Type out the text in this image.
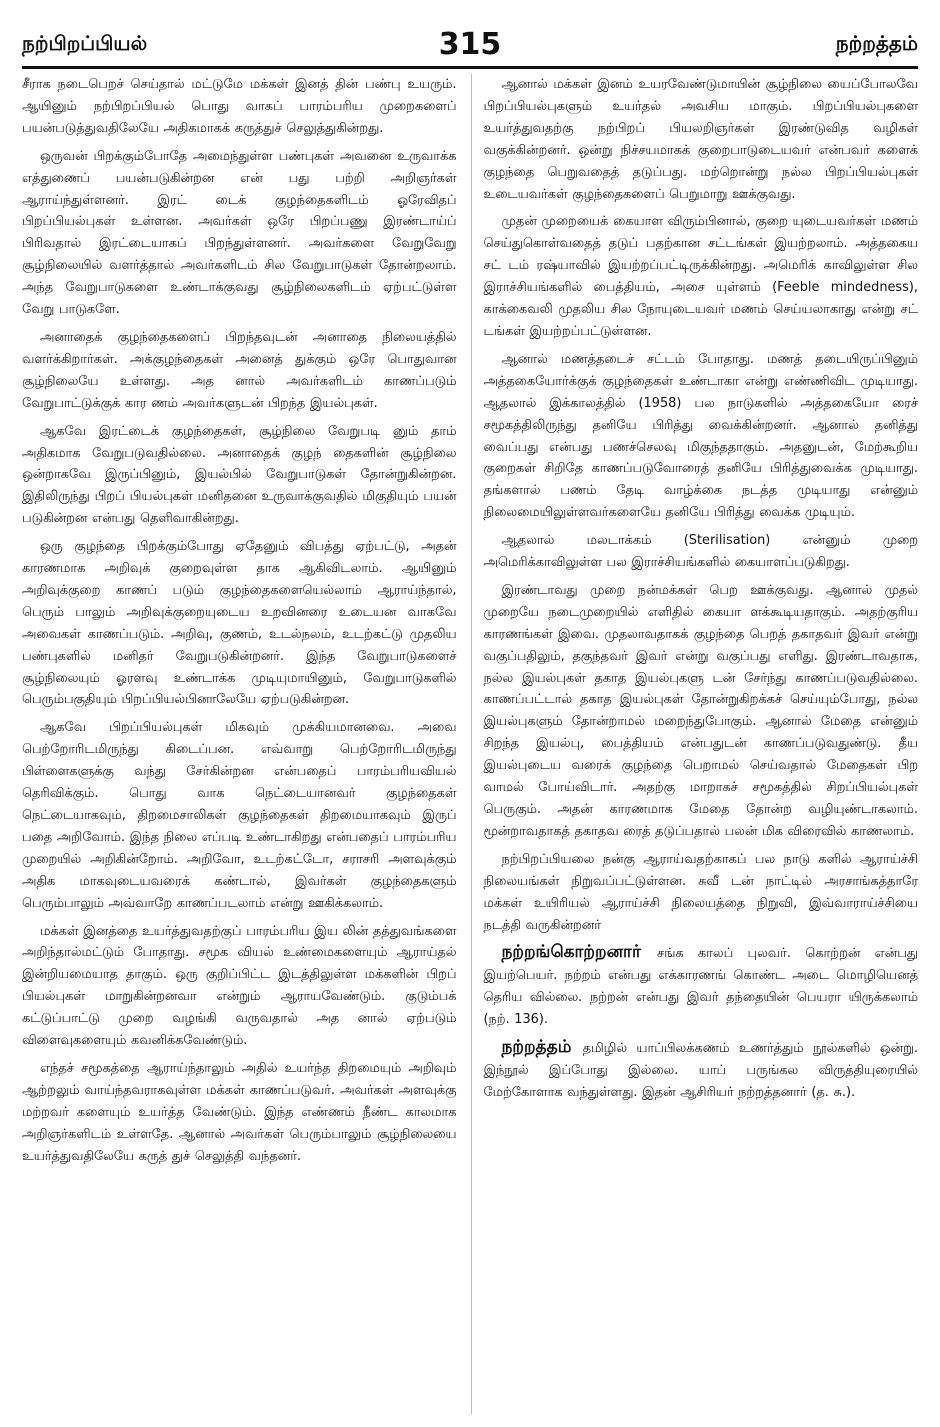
நற்பிறப்பியல்	315	நற்றத்தம்

சீராக நடைபெறச் செய்தால் மட்டுமே மக்கள் இனத் தின் பண்பு உயரும். ஆயினும் நற்பிறப்பியல் பொது வாகப் பாரம்பரிய முறைகளைப் பயன்படுத்துவதிலேயே அதிகமாகக் கருத்துச் செலுத்துகின்றது.

ஒருவன் பிறக்கும்போதே அமைந்துள்ள பண்புகள் அவனை உருவாக்க எத்துணைப் பயன்படுகின்றன என் பது பற்றி அறிஞர்கள் ஆராய்ந்துள்ளனர். இரட் டைக் குழந்தைகளிடம் ஓரேவிதப் பிறப்பியல்புகள் உள்ளன. அவர்கள் ஒரே பிறப்பணு இரண்டாய்ப் பிரிவதால் இரட்டையாகப் பிறந்துள்ளனர். அவர்களை வேறுவேறு சூழ்நிலையில் வளர்த்தால் அவர்களிடம் சில வேறுபாடுகள் தோன்றலாம். அந்த வேறுபாடுகளை உண்டாக்குவது சூழ்நிலைகளிடம் ஏற்பட்டுள்ள வேறு பாடுகளே.

அனாதைக் குழந்தைகளைப் பிறந்தவுடன் அனாதை நிலையத்தில் வளர்க்கிறார்கள். அக்குழந்தைகள் அனைத் துக்கும் ஒரே பொதுவான சூழ்நிலையே உள்ளது. அத னால் அவர்களிடம் காணப்படும் வேறுபாட்டுக்குக் கார ணம் அவர்களுடன் பிறந்த இயல்புகள்.

ஆகவே இரட்டைக் குழந்தைகள், சூழ்நிலை வேறுபடி னும் தாம் அதிகமாக வேறுபடுவதில்லை. அனாதைக் குழந் தைகளின் சூழ்நிலை ஒன்றாகவே இருப்பினும், இயல்பில் வேறுபாடுகள் தோன்றுகின்றன. இதிலிருந்து பிறப் பியல்புகள் மனிதனை உருவாக்குவதில் மிகுதியும் பயன் படுகின்றன என்பது தெளிவாகின்றது.

ஒரு குழந்தை பிறக்கும்போது ஏதேனும் விபத்து ஏற்பட்டு, அதன் காரணமாக அறிவுக் குறைவுள்ள தாக ஆகிவிடலாம். ஆயினும் அறிவுக்குறை காணப் படும் குழந்தைகளையெல்லாம் ஆராய்ந்தால், பெரும் பாலும் அறிவுக்குறையுடைய உறவினரை உடையன வாகவே அவைகள் காணப்படும். அறிவு, குணம், உடல்நலம், உடற்கட்டு முதலிய பண்புகளில் மனிதர் வேறுபடுகின்றனர். இந்த வேறுபாடுகளைச் சூழ்நிலையும் ஓரளவு உண்டாக்க முடியுமாயினும், வேறுபாடுகளில் பெரும்பகுதியும் பிறப்பியல்பினாலேயே ஏற்படுகின்றன.

ஆகவே பிறப்பியல்புகள் மிகவும் முக்கியமானவை. அவை பெற்றோரிடமிருந்து கிடைப்பன. எவ்வாறு பெற்றோரிடமிருந்து பிள்ளைகளுக்கு வந்து சேர்கின்றன என்பதைப் பாரம்பரியவியல் தெரிவிக்கும். பொது வாக நெட்டையானவர் குழந்தைகள் நெட்டையாகவும், திறமைசாலிகள் குழந்தைகள் திறமையாகவும் இருப் பதை அறிவோம். இந்த நிலை எப்படி உண்டாகிறது என்பதைப் பாரம்பரிய முறையில் அறிகின்றோம். அறிவோ, உடற்கட்டோ, சராசரி அளவுக்கும் அதிக மாகவுடையவரைக் கண்டால், இவர்கள் குழந்தைகளும் பெரும்பாலும் அவ்வாறே காணப்படலாம் என்று ஊகிக்கலாம்.

மக்கள் இனத்தை உயர்த்துவதற்குப் பாரம்பரிய இய லின் தத்துவங்களை அறிந்தால்மட்டும் போதாது. சமூக வியல் உண்மைகளையும் ஆராய்தல் இன்றியமையாத தாகும். ஒரு குறிப்பிட்ட இடத்திலுள்ள மக்களின் பிறப் பியல்புகள் மாறுகின்றனவா என்றும் ஆராயவேண்டும். குடும்பக் கட்டுப்பாட்டு முறை வழங்கி வருவதால் அத னால் ஏற்படும் விளைவுகளையும் கவனிக்கவேண்டும்.

எந்தச் சமூகத்தை ஆராய்ந்தாலும் அதில் உயர்ந்த திறமையும் அறிவும் ஆற்றலும் வாய்ந்தவராகவுள்ள மக்கள் காணப்படுவர். அவர்கள் அளவுக்கு மற்றவர் களையும் உயர்த்த வேண்டும். இந்த எண்ணம் நீண்ட காலமாக அறிஞர்களிடம் உள்ளதே. ஆனால் அவர்கள் பெரும்பாலும் சூழ்நிலையை உயர்த்துவதிலேயே கருத் துச் செலுத்தி வந்தனர்.

ஆனால் மக்கள் இனம் உயரவேண்டுமாயின் சூழ்நிலை யைப்போலவே பிறப்பியல்புகளும் உயர்தல் அவசிய மாகும். பிறப்பியல்புகளை உயர்த்துவதற்கு நற்பிறப் பியலறிஞர்கள் இரண்டுவித வழிகள் வகுக்கின்றனர். ஒன்று நிச்சயமாகக் குறைபாடுடையவர் என்பவர் களைக் குழந்தை பெறுவதைத் தடுப்பது. மற்றொன்று நல்ல பிறப்பியல்புகள் உடையவர்கள் குழந்தைகளைப் பெறுமாறு ஊக்குவது.

முதன் முறையைக் கையாள விரும்பினால், குறை யுடையவர்கள் மணம் செய்துகொள்வதைத் தடுப் பதற்கான சட்டங்கள் இயற்றலாம். அத்தகைய சட் டம் ரஷ்யாவில் இயற்றப்பட்டிருக்கின்றது. அமெரிக் காவிலுள்ள சில இராச்சியங்களில் பைத்தியம், அசை யுள்ளம் (Feeble mindedness), காக்கைவலி முதலிய சில நோயுடையவர் மணம் செய்யலாகாது என்று சட் டங்கள் இயற்றப்பட்டுள்ளன.

ஆனால் மணத்தடைச் சட்டம் போதாது. மணத் தடையிருப்பினும் அத்தகையோர்க்குக் குழந்தைகள் உண்டாகா என்று எண்ணிவிட முடியாது. ஆதலால் இக்காலத்தில் (1958) பல நாடுகளில் அத்தகையோ ரைச் சமூகத்திலிருந்து தனியே பிரித்து வைக்கின்றனர். ஆனால் தனித்து வைப்பது என்பது பணச்செலவு மிகுந்ததாகும். அதனுடன், மேற்கூறிய குறைகள் சிறிதே காணப்படுவோரைத் தனியே பிரித்துவைக்க முடியாது. தங்களால் பணம் தேடி வாழ்க்கை நடத்த முடியாது என்னும் நிலைமையிலுள்ளவர்களையே தனியே பிரித்து வைக்க முடியும்.

ஆதலால் மலடாக்கம் (Sterilisation) என்னும் முறை அமெரிக்காவிலுள்ள பல இராச்சியங்களில் கையாளப்படுகிறது.

இரண்டாவது முறை நன்மக்கள் பெற ஊக்குவது. ஆனால் முதல் முறையே நடைமுறையில் எளிதில் கையா ளக்கூடியதாகும். அதற்குரிய காரணங்கள் இவை. முதலாவதாகக் குழந்தை பெறத் தகாதவர் இவர் என்று வகுப்பதிலும், தகுந்தவர் இவர் என்று வகுப்பது எளிது. இரண்டாவதாக, நல்ல இயல்புகள் தகாத இயல்புகளு டன் சேர்ந்து காணப்படுவதில்லை. காணப்பட்டால் தகாத இயல்புகள் தோன்றுகிறக்கச் செய்யும்போது, நல்ல இயல்புகளும் தோன்றாமல் மறைந்துபோகும். ஆனால் மேதை என்னும் சிறந்த இயல்பு, பைத்தியம் என்பதுடன் காணப்படுவதுண்டு. தீய இயல்புடைய வரைக் குழந்தை பெறாமல் செய்வதால் மேதைகள் பிற வாமல் போய்விடார். அதற்கு மாறாகச் சமூகத்தில் சிறப்பியல்புகள் பெருகும். அதன் காரணமாக மேதை தோன்ற வழியுண்டாகலாம். மூன்றாவதாகத் தகாதவ ரைத் தடுப்பதால் பலன் மிக விரைவில் காணலாம்.

நற்பிறப்பியலை நன்கு ஆராய்வதற்காகப் பல நாடு களில் ஆராய்ச்சி நிலையங்கள் நிறுவப்பட்டுள்ளன. சுவீ டன் நாட்டில் அரசாங்கத்தாரே மக்கள் உயிரியல் ஆராய்ச்சி நிலையத்தை நிறுவி, இவ்வாராய்ச்சியை நடத்தி வருகின்றனர்

நற்றங்கொற்றனார் சங்க காலப் புலவர். கொற்றன் என்பது இயற்பெயர். நற்றம் என்பது எக்காரணங் கொண்ட அடை மொழியெனத் தெரிய வில்லை. நற்றன் என்பது இவர் தந்தையின் பெயரா யிருக்கலாம் (நற். 136).

நற்றத்தம் தமிழில் யாப்பிலக்கணம் உணர்த்தும் நூல்களில் ஒன்று. இந்நூல் இப்போது இல்லை. யாப் பருங்கல விருத்தியுரையில் மேற்கோளாக வந்துள்ளது. இதன் ஆசிரியர் நற்றத்தனார் (த. சு.).
